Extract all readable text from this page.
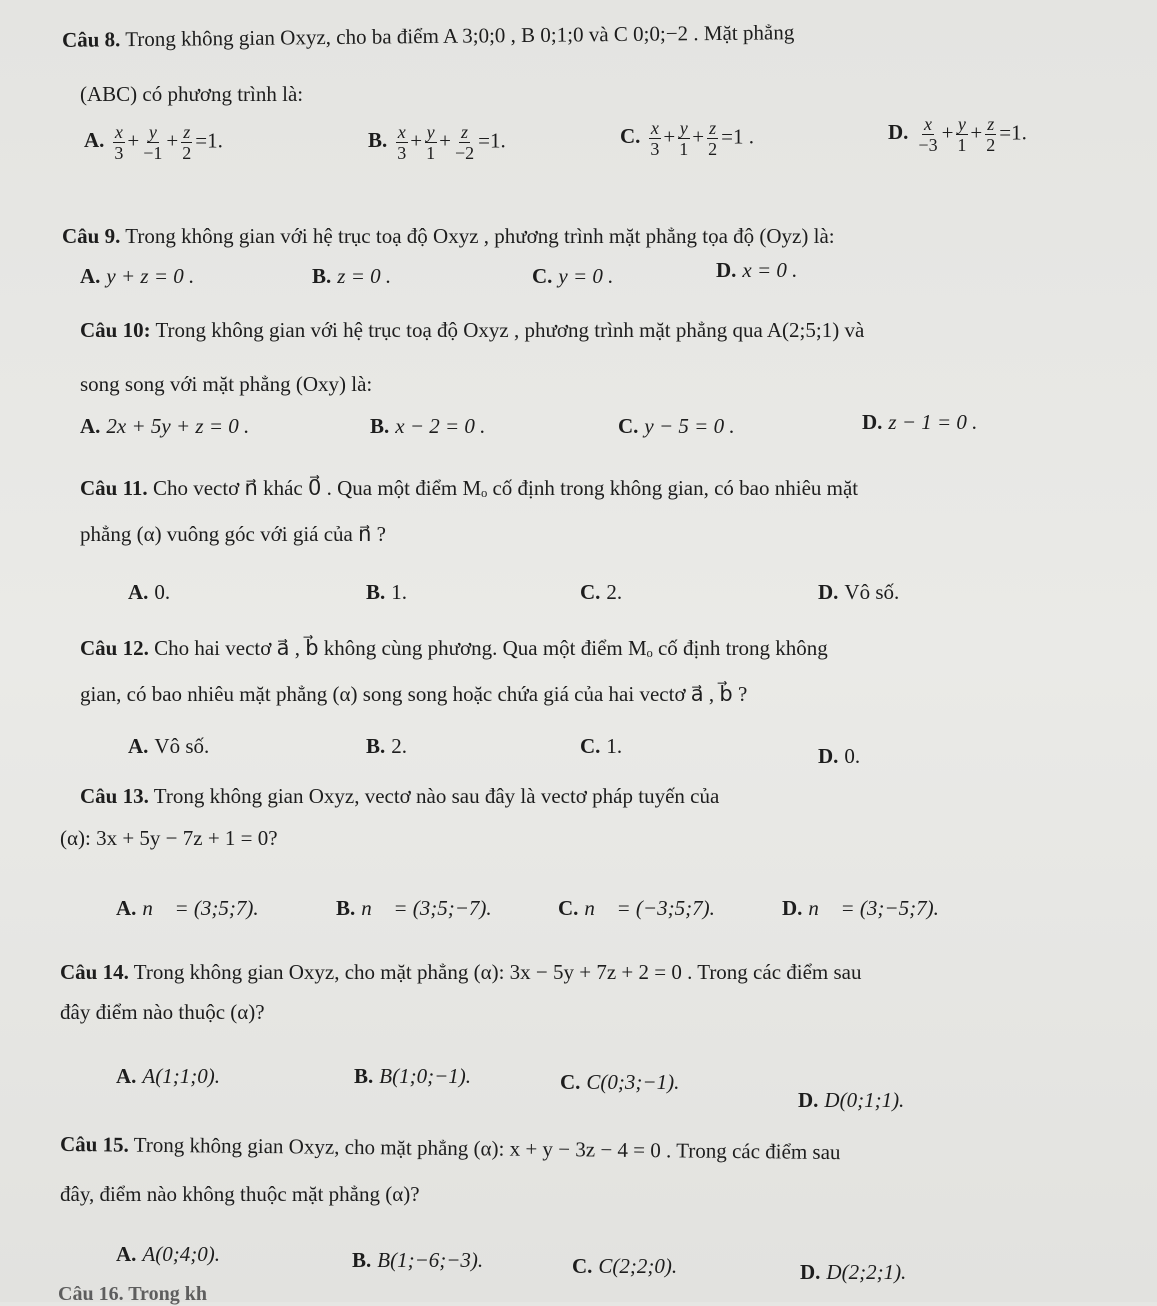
Câu 8. Trong không gian Oxyz, cho ba điểm A 3;0;0 , B 0;1;0 và C 0;0;−2 . Mặt phẳng
(ABC) có phương trình là:
A. $\frac{x}{3} + \frac{y}{-1} + \frac{z}{2} =1$.	B. $\frac{x}{3} + \frac{y}{1} + \frac{z}{-2} =1$.	C. $\frac{x}{3} + \frac{y}{1} + \frac{z}{2} =1$ .	D. $\frac{x}{-3} + \frac{y}{1} + \frac{z}{2} =1$.
Câu 9. Trong không gian với hệ trục toạ độ Oxyz , phương trình mặt phẳng tọa độ (Oyz) là:
A. y + z = 0 .	B. z = 0 .	C. y = 0 .	D. x = 0 .
Câu 10: Trong không gian với hệ trục toạ độ Oxyz , phương trình mặt phẳng qua A(2;5;1) và
song song với mặt phẳng (Oxy) là:
A. 2x + 5y + z = 0 .	B. x − 2 = 0 .	C. y − 5 = 0 .	D. z − 1 = 0 .
Câu 11. Cho vectơ n⃗ khác 0⃗ . Qua một điểm Mₒ cố định trong không gian, có bao nhiêu mặt
phẳng (α) vuông góc với giá của n⃗ ?
A. 0.	B. 1.	C. 2.	D. Vô số.
Câu 12. Cho hai vectơ a⃗ , b⃗ không cùng phương. Qua một điểm Mₒ cố định trong không
gian, có bao nhiêu mặt phẳng (α) song song hoặc chứa giá của hai vectơ a⃗ , b⃗ ?
A. Vô số.	B. 2.	C. 1.	D. 0.
Câu 13. Trong không gian Oxyz, vectơ nào sau đây là vectơ pháp tuyến của
(α): 3x + 5y − 7z + 1 = 0?
A. n⃗ = (3;5;7).	B. n⃗ = (3;5;−7).	C. n⃗ = (−3;5;7).	D. n⃗ = (3;−5;7).
Câu 14. Trong không gian Oxyz, cho mặt phẳng (α): 3x − 5y + 7z + 2 = 0 . Trong các điểm sau
đây điểm nào thuộc (α)?
A. A(1;1;0).	B. B(1;0;−1).	C. C(0;3;−1).
D. D(0;1;1).
Câu 15. Trong không gian Oxyz, cho mặt phẳng (α): x + y − 3z − 4 = 0 . Trong các điểm sau
đây, điểm nào không thuộc mặt phẳng (α)?
A. A(0;4;0).	B. B(1;−6;−3).	C. C(2;2;0).	D. D(2;2;1).
Câu 16. Trong kh
